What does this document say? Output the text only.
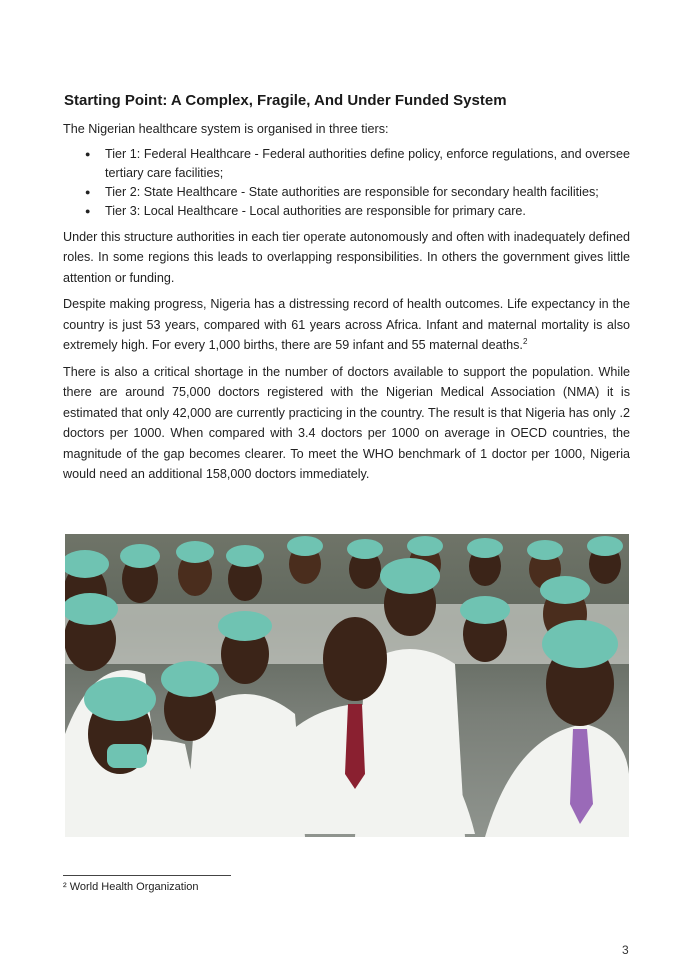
Starting Point: A Complex, Fragile, And Under Funded System

The Nigerian healthcare system is organised in three tiers:

● Tier 1: Federal Healthcare - Federal authorities define policy, enforce regulations, and oversee tertiary care facilities;
● Tier 2: State Healthcare - State authorities are responsible for secondary health facilities;
● Tier 3: Local Healthcare - Local authorities are responsible for primary care.

Under this structure authorities in each tier operate autonomously and often with inadequately defined roles. In some regions this leads to overlapping responsibilities. In others the government gives little attention or funding.

Despite making progress, Nigeria has a distressing record of health outcomes. Life expectancy in the country is just 53 years, compared with 61 years across Africa. Infant and maternal mortality is also extremely high. For every 1,000 births, there are 59 infant and 55 maternal deaths.$^2$

There is also a critical shortage in the number of doctors available to support the population. While there are around 75,000 doctors registered with the Nigerian Medical Association (NMA) it is estimated that only 42,000 are currently practicing in the country. The result is that Nigeria has only .2 doctors per 1000. When compared with 3.4 doctors per 1000 on average in OECD countries, the magnitude of the gap becomes clearer. To meet the WHO benchmark of 1 doctor per 1000, Nigeria would need an additional 158,000 doctors immediately.

² World Health Organization
3
